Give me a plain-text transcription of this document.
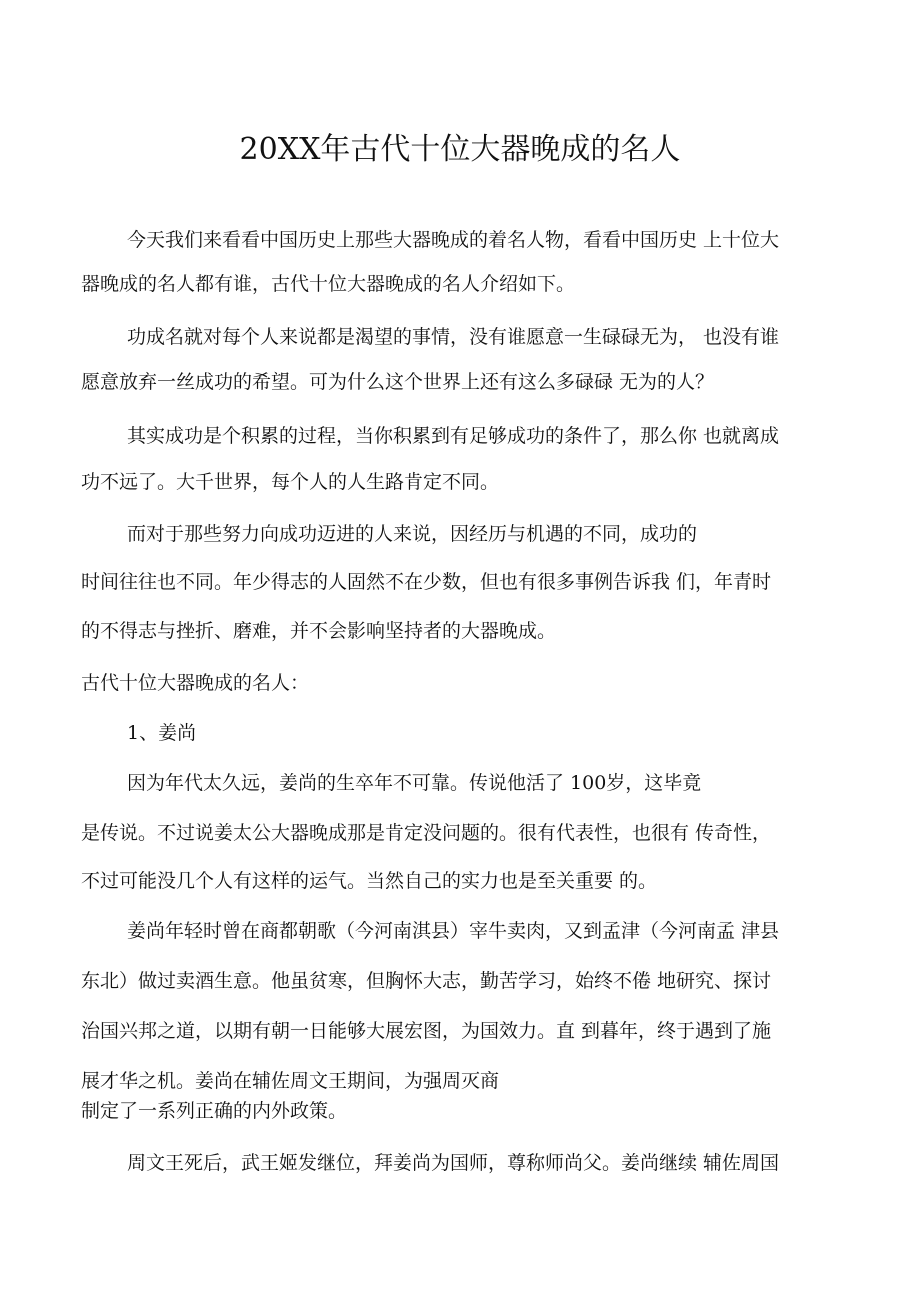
20XX年古代十位大器晚成的名人
今天我们来看看中国历史上那些大器晚成的着名人物，看看中国历史 上十位大
器晚成的名人都有谁，古代十位大器晚成的名人介绍如下。
功成名就对每个人来说都是渴望的事情，没有谁愿意一生碌碌无为， 也没有谁
愿意放弃一丝成功的希望。可为什么这个世界上还有这么多碌碌 无为的人？
其实成功是个积累的过程，当你积累到有足够成功的条件了，那么你 也就离成
功不远了。大千世界，每个人的人生路肯定不同。
而对于那些努力向成功迈进的人来说，因经历与机遇的不同，成功的
时间往往也不同。年少得志的人固然不在少数，但也有很多事例告诉我 们，年青时
的不得志与挫折、磨难，并不会影响坚持者的大器晚成。
古代十位大器晚成的名人：
1、姜尚
因为年代太久远，姜尚的生卒年不可靠。传说他活了 100岁，这毕竟
是传说。不过说姜太公大器晚成那是肯定没问题的。很有代表性，也很有 传奇性，
不过可能没几个人有这样的运气。当然自己的实力也是至关重要 的。
姜尚年轻时曾在商都朝歌（今河南淇县）宰牛卖肉，又到孟津（今河南孟 津县
东北）做过卖酒生意。他虽贫寒，但胸怀大志，勤苦学习，始终不倦 地研究、探讨
治国兴邦之道，以期有朝一日能够大展宏图，为国效力。直 到暮年，终于遇到了施
展才华之机。姜尚在辅佐周文王期间，为强周灭商
制定了一系列正确的内外政策。
周文王死后，武王姬发继位，拜姜尚为国师，尊称师尚父。姜尚继续 辅佐周国
